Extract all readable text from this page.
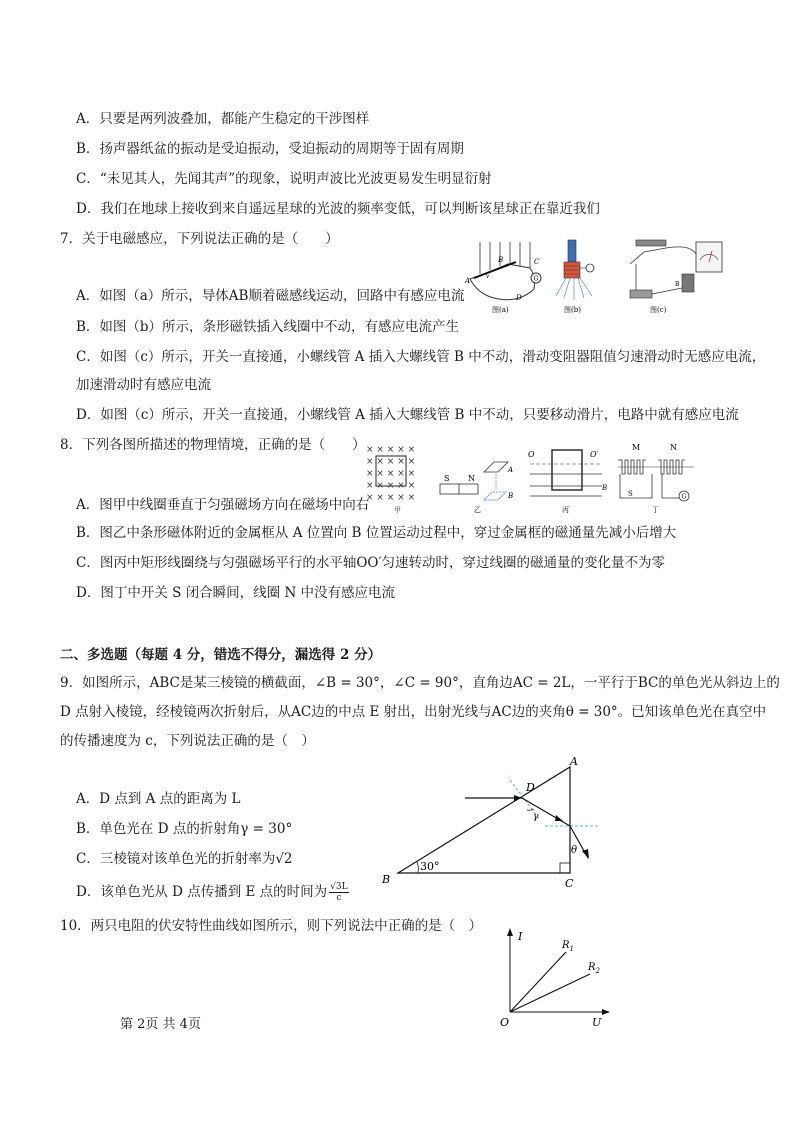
A．只要是两列波叠加，都能产生稳定的干涉图样
B．扬声器纸盆的振动是受迫振动，受迫振动的周期等于固有周期
C．“未见其人，先闻其声”的现象，说明声波比光波更易发生明显衍射
D．我们在地球上接收到来自遥远星球的光波的频率变低，可以判断该星球正在靠近我们
7．关于电磁感应，下列说法正确的是（　　）
A．如图（a）所示，导体AB顺着磁感线运动，回路中有感应电流
B．如图（b）所示，条形磁铁插入线圈中不动，有感应电流产生
C．如图（c）所示，开关一直接通，小螺线管 A 插入大螺线管 B 中不动，滑动变阻器阻值匀速滑动时无感应电流，
加速滑动时有感应电流
D．如图（c）所示，开关一直接通，小螺线管 A 插入大螺线管 B 中不动，只要移动滑片，电路中就有感应电流
G
A
B	C
D
v
图(a)	图(b)
B
图(c)
8．下列各图所描述的物理情境，正确的是（　　）
A．图甲中线圈垂直于匀强磁场方向在磁场中向右
B．图乙中条形磁体附近的金属框从 A 位置向 B 位置运动过程中，穿过金属框的磁通量先减小后增大
C．图丙中矩形线圈绕与匀强磁场平行的水平轴OO′匀速转动时，穿过线圈的磁通量的变化量不为零
D．图丁中开关 S 闭合瞬间，线圈 N 中没有感应电流
× × × × ×
× × × × ×
× × × × ×
× × × × ×
× × × × ×
甲
S N
A
B
乙
O	O′
B
丙
M	N
S	G
丁
二、多选题（每题 4 分，错选不得分，漏选得 2 分）
9．如图所示，ABC是某三棱镜的横截面，∠B = 30°，∠C = 90°，直角边AC = 2L，一平行于BC的单色光从斜边上的
D 点射入棱镜，经棱镜两次折射后，从AC边的中点 E 射出，出射光线与AC边的夹角θ = 30°。已知该单色光在真空中
的传播速度为 c，下列说法正确的是（　）
A．D 点到 A 点的距离为 L
B．单色光在 D 点的折射角γ = 30°
C．三棱镜对该单色光的折射率为√2
D．该单色光从 D 点传播到 E 点的时间为 $\frac{√3L}{c}$
30°
A
B	C
D
γ
θ
10．两只电阻的伏安特性曲线如图所示，则下列说法中正确的是（　）
I
U
O
$R_1$
$R_2$
第 2页 共 4页
